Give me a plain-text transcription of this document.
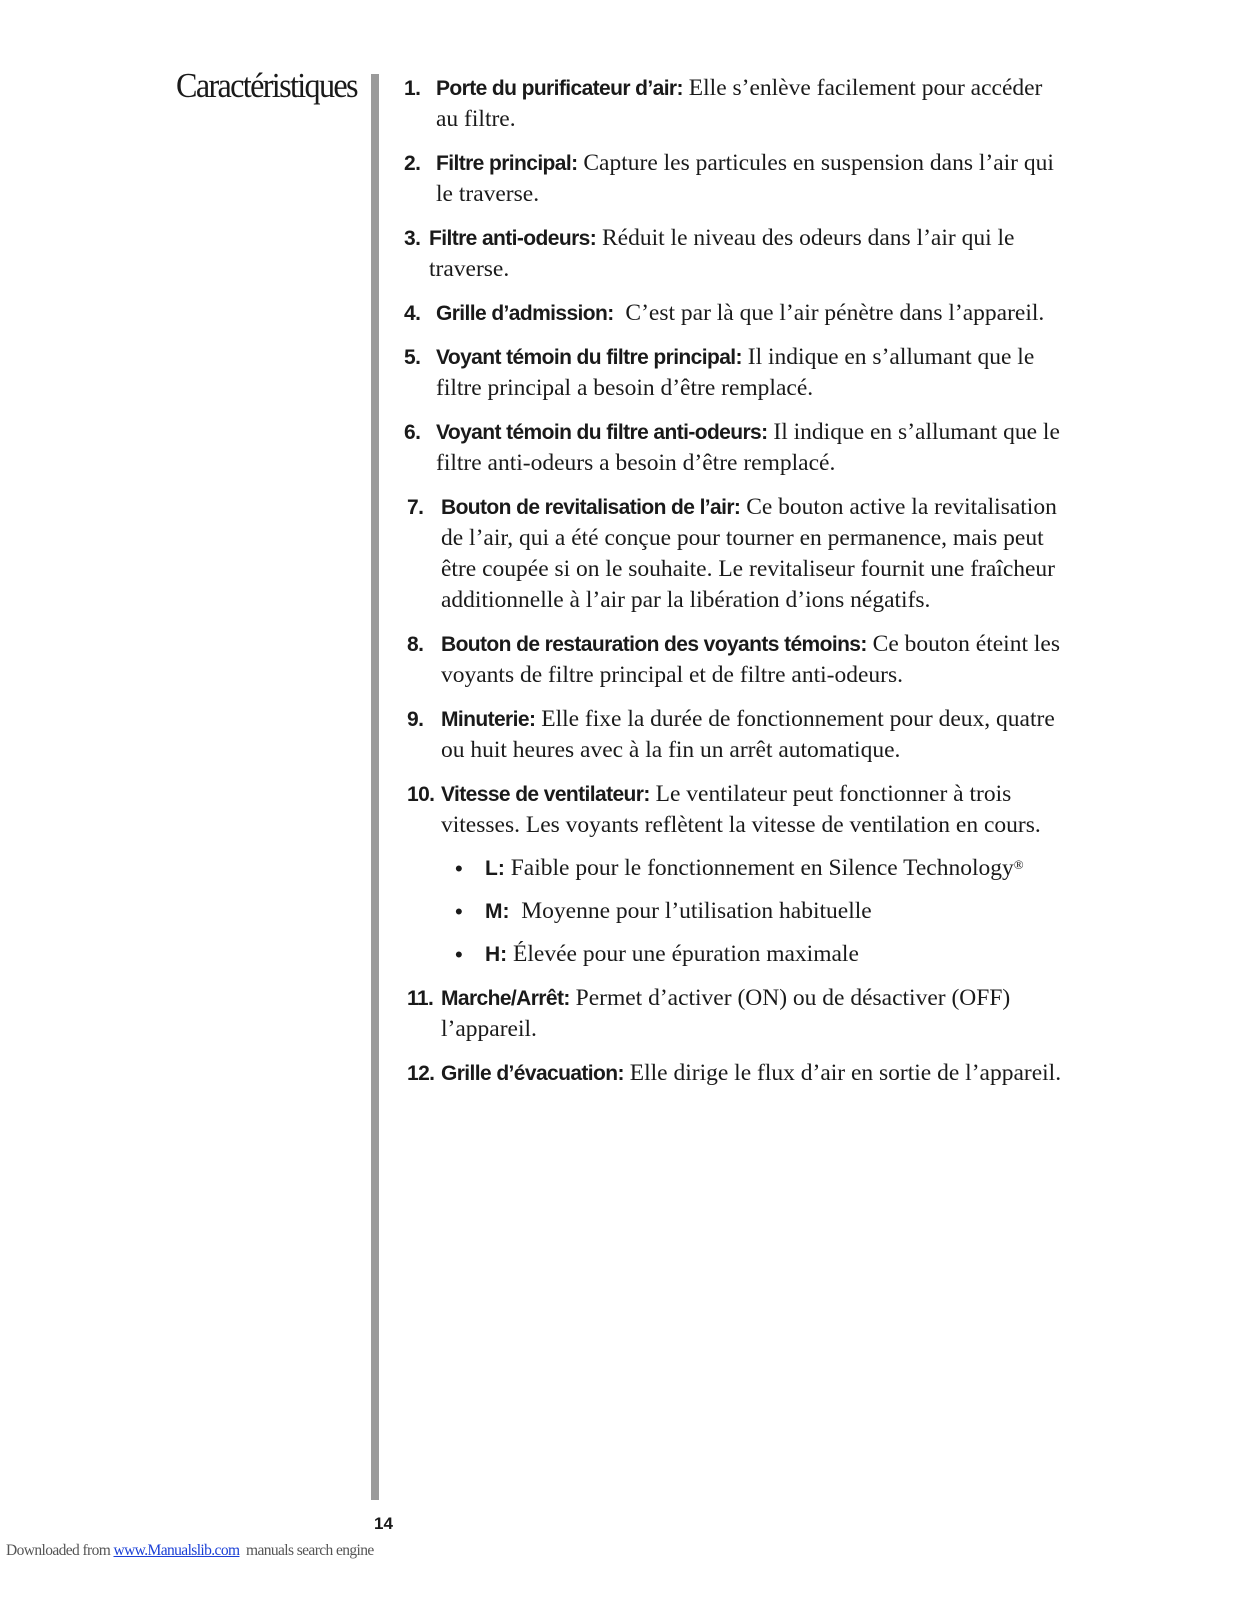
Caractéristiques 1. Porte du purificateur d’air: Elle s’enlève facilement pour accéder au filtre.
2. Filtre principal: Capture les particules en suspension dans l’air qui le traverse.
3. Filtre anti-odeurs: Réduit le niveau des odeurs dans l’air qui le traverse.
4. Grille d’admission:  C’est par là que l’air pénètre dans l’appareil.
5. Voyant témoin du filtre principal: Il indique en s’allumant que le filtre principal a besoin d’être remplacé.
6. Voyant témoin du filtre anti-odeurs: Il indique en s’allumant que le filtre anti-odeurs a besoin d’être remplacé.
7. Bouton de revitalisation de l’air: Ce bouton active la revitalisation de l’air, qui a été conçue pour tourner en permanence, mais peut être coupée si on le souhaite. Le revitaliseur fournit une fraîcheur additionnelle à l’air par la libération d’ions négatifs.
8. Bouton de restauration des voyants témoins: Ce bouton éteint les voyants de filtre principal et de filtre anti-odeurs.
9. Minuterie: Elle fixe la durée de fonctionnement pour deux, quatre ou huit heures avec à la fin un arrêt automatique.
10. Vitesse de ventilateur: Le ventilateur peut fonctionner à trois vitesses. Les voyants reflètent la vitesse de ventilation en cours.
• L: Faible pour le fonctionnement en Silence Technology®
• M:  Moyenne pour l’utilisation habituelle
• H: Élevée pour une épuration maximale
11. Marche/Arrêt: Permet d’activer (ON) ou de désactiver (OFF) l’appareil.
12. Grille d’évacuation: Elle dirige le flux d’air en sortie de l’appareil.
14
Downloaded from www.Manualslib.com  manuals search engine
